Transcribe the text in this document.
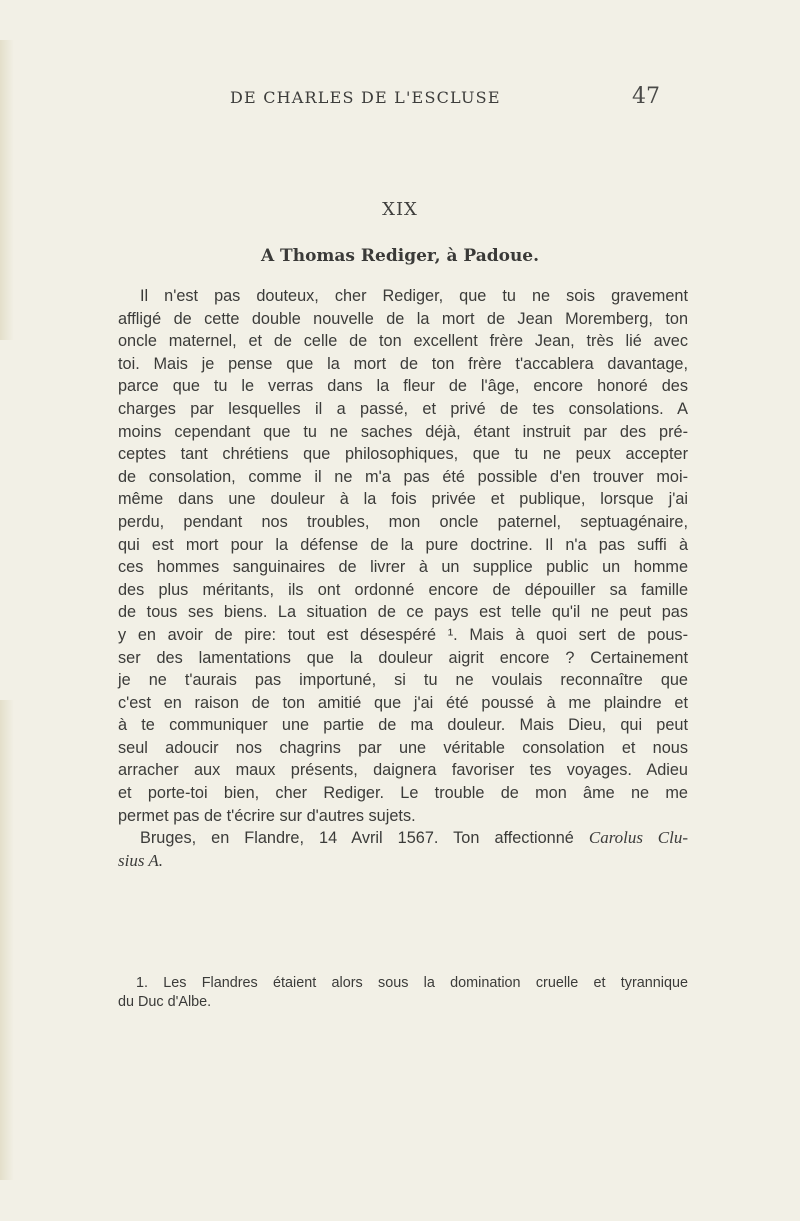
DE CHARLES DE L'ESCLUSE	47
XIX
A Thomas Rediger, à Padoue.
Il n'est pas douteux, cher Rediger, que tu ne sois gravement
affligé de cette double nouvelle de la mort de Jean Moremberg, ton
oncle maternel, et de celle de ton excellent frère Jean, très lié avec
toi. Mais je pense que la mort de ton frère t'accablera davantage,
parce que tu le verras dans la fleur de l'âge, encore honoré des
charges par lesquelles il a passé, et privé de tes consolations. A
moins cependant que tu ne saches déjà, étant instruit par des pré-
ceptes tant chrétiens que philosophiques, que tu ne peux accepter
de consolation, comme il ne m'a pas été possible d'en trouver moi-
même dans une douleur à la fois privée et publique, lorsque j'ai
perdu, pendant nos troubles, mon oncle paternel, septuagénaire,
qui est mort pour la défense de la pure doctrine. Il n'a pas suffi à
ces hommes sanguinaires de livrer à un supplice public un homme
des plus méritants, ils ont ordonné encore de dépouiller sa famille
de tous ses biens. La situation de ce pays est telle qu'il ne peut pas
y en avoir de pire: tout est désespéré ¹. Mais à quoi sert de pous-
ser des lamentations que la douleur aigrit encore ? Certainement
je ne t'aurais pas importuné, si tu ne voulais reconnaître que
c'est en raison de ton amitié que j'ai été poussé à me plaindre et
à te communiquer une partie de ma douleur. Mais Dieu, qui peut
seul adoucir nos chagrins par une véritable consolation et nous
arracher aux maux présents, daignera favoriser tes voyages. Adieu
et porte-toi bien, cher Rediger. Le trouble de mon âme ne me
permet pas de t'écrire sur d'autres sujets.
Bruges, en Flandre, 14 Avril 1567. Ton affectionné Carolus Clu-
sius A.
1. Les Flandres étaient alors sous la domination cruelle et tyrannique
du Duc d'Albe.
